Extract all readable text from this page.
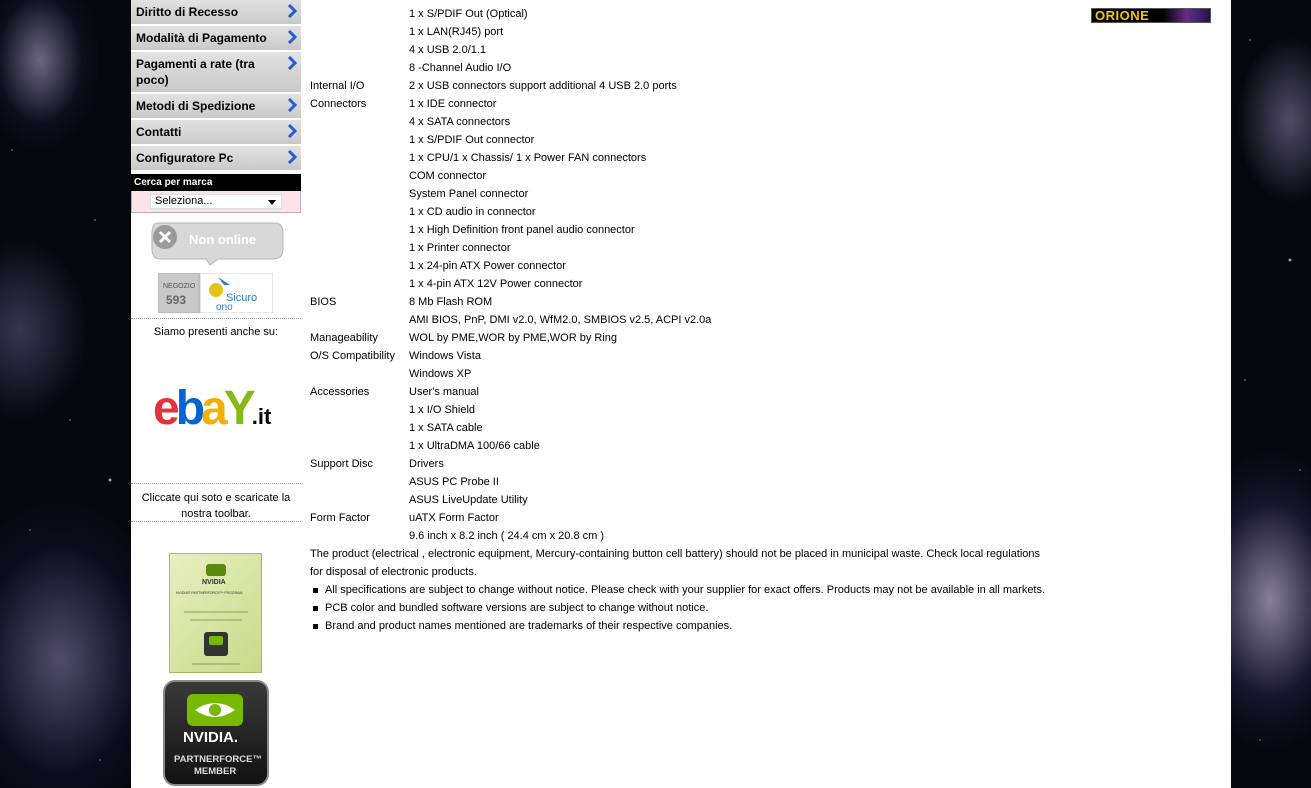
Diritto di Recesso
Modalità di Pagamento
Pagamenti a rate (tra poco)
Metodi di Spedizione
Contatti
Configuratore Pc
Cerca per marca
Seleziona...
Non online
NEGOZIO
593	Sicuro
ono
Siamo presenti anche su:
ebaY.it
Cliccate qui soto e scaricate la nostra toolbar.
NVIDIA
NVIDIA® PARTNERFORCE™ PROGRAM
NVIDIA.
PARTNERFORCE™
MEMBER
1 x S/PDIF Out (Optical)
1 x LAN(RJ45) port
4 x USB 2.0/1.1
8 -Channel Audio I/O
Internal I/O	2 x USB connectors support additional 4 USB 2.0 ports
Connectors	1 x IDE connector
4 x SATA connectors
1 x S/PDIF Out connector
1 x CPU/1 x Chassis/ 1 x Power FAN connectors
COM connector
System Panel connector
1 x CD audio in connector
1 x High Definition front panel audio connector
1 x Printer connector
1 x 24-pin ATX Power connector
1 x 4-pin ATX 12V Power connector
BIOS	8 Mb Flash ROM
AMI BIOS, PnP, DMI v2.0, WfM2.0, SMBIOS v2.5, ACPI v2.0a
Manageability	WOL by PME,WOR by PME,WOR by Ring
O/S Compatibility Windows Vista
Windows XP
Accessories	User's manual
1 x I/O Shield
1 x SATA cable
1 x UltraDMA 100/66 cable
Support Disc	Drivers
ASUS PC Probe II
ASUS LiveUpdate Utility
Form Factor	uATX Form Factor
9.6 inch x 8.2 inch ( 24.4 cm x 20.8 cm )
The product (electrical , electronic equipment, Mercury-containing button cell battery) should not be placed in municipal waste. Check local regulations for disposal of electronic products.
All specifications are subject to change without notice. Please check with your supplier for exact offers. Products may not be available in all markets.
PCB color and bundled software versions are subject to change without notice.
Brand and product names mentioned are trademarks of their respective companies.
ORIONE
